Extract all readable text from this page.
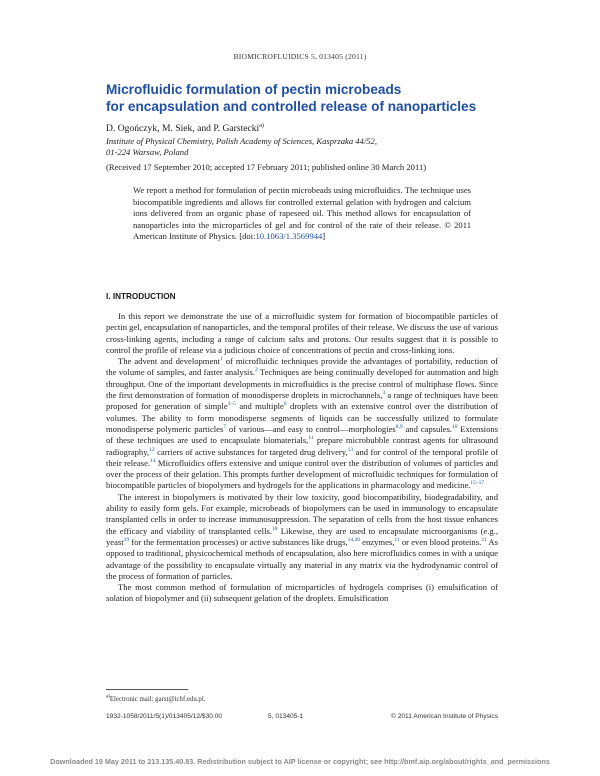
BIOMICROFLUIDICS 5, 013405 (2011)
Microfluidic formulation of pectin microbeads
for encapsulation and controlled release of nanoparticles
D. Ogończyk, M. Siek, and P. Garstecki$^{a)}$
Institute of Physical Chemistry, Polish Academy of Sciences, Kasprzaka 44/52,
01-224 Warsaw, Poland
(Received 17 September 2010; accepted 17 February 2011; published online 30 March 2011)
We report a method for formulation of pectin microbeads using microfluidics. The technique uses biocompatible ingredients and allows for controlled external gelation with hydrogen and calcium ions delivered from an organic phase of rapeseed oil. This method allows for encapsulation of nanoparticles into the microparticles of gel and for control of the rate of their release. © 2011 American Institute of Physics. [doi:10.1063/1.3569944]
I. INTRODUCTION

In this report we demonstrate the use of a microfluidic system for formation of biocompatible particles of pectin gel, encapsulation of nanoparticles, and the temporal profiles of their release. We discuss the use of various cross-linking agents, including a range of calcium salts and protons. Our results suggest that it is possible to control the profile of release via a judicious choice of concentrations of pectin and cross-linking ions.

The advent and development$^1$ of microfluidic techniques provide the advantages of portability, reduction of the volume of samples, and faster analysis.$^2$ Techniques are being continually developed for automation and high throughput. One of the important developments in microfluidics is the precise control of multiphase flows. Since the first demonstration of formation of monodisperse droplets in microchannels,$^3$ a range of techniques have been proposed for generation of simple$^{3-5}$ and multiple$^6$ droplets with an extensive control over the distribution of volumes. The ability to form monodisperse segments of liquids can be successfully utilized to formulate monodisperse polymeric particles$^7$ of various—and easy to control—morphologies$^{8,9}$ and capsules.$^{10}$ Extensions of these techniques are used to encapsulate biomaterials,$^{11}$ prepare microbubble contrast agents for ultrasound radiography,$^{12}$ carriers of active substances for targeted drug delivery,$^{13}$ and for control of the temporal profile of their release.$^{14}$ Microfluidics offers extensive and unique control over the distribution of volumes of particles and over the process of their gelation. This prompts further development of microfluidic techniques for formulation of biocompatible particles of biopolymers and hydrogels for the applications in pharmacology and medicine.$^{15-17}$

The interest in biopolymers is motivated by their low toxicity, good biocompatibility, biodegradability, and ability to easily form gels. For example, microbeads of biopolymers can be used in immunology to encapsulate transplanted cells in order to increase immunosuppression. The separation of cells from the host tissue enhances the efficacy and viability of transplanted cells.$^{18}$ Likewise, they are used to encapsulate microorganisms (e.g., yeast$^{19}$ for the fermentation processes) or active substances like drugs,$^{14,20}$ enzymes,$^{11}$ or even blood proteins.$^{21}$ As opposed to traditional, physicochemical methods of encapsulation, also here microfluidics comes in with a unique advantage of the possibility to encapsulate virtually any material in any matrix via the hydrodynamic control of the process of formation of particles.

The most common method of formulation of microparticles of hydrogels comprises (i) emulsification of solation of biopolymer and (ii) subsequent gelation of the droplets. Emulsification

$^{a)}$Electronic mail: garst@ichf.edu.pl.
1932-1058/2011/5(1)/013405/12/$30.00	5, 013405-1	© 2011 American Institute of Physics
Downloaded 19 May 2011 to 213.135.40.83. Redistribution subject to AIP license or copyright; see http://bmf.aip.org/about/rights_and_permissions
